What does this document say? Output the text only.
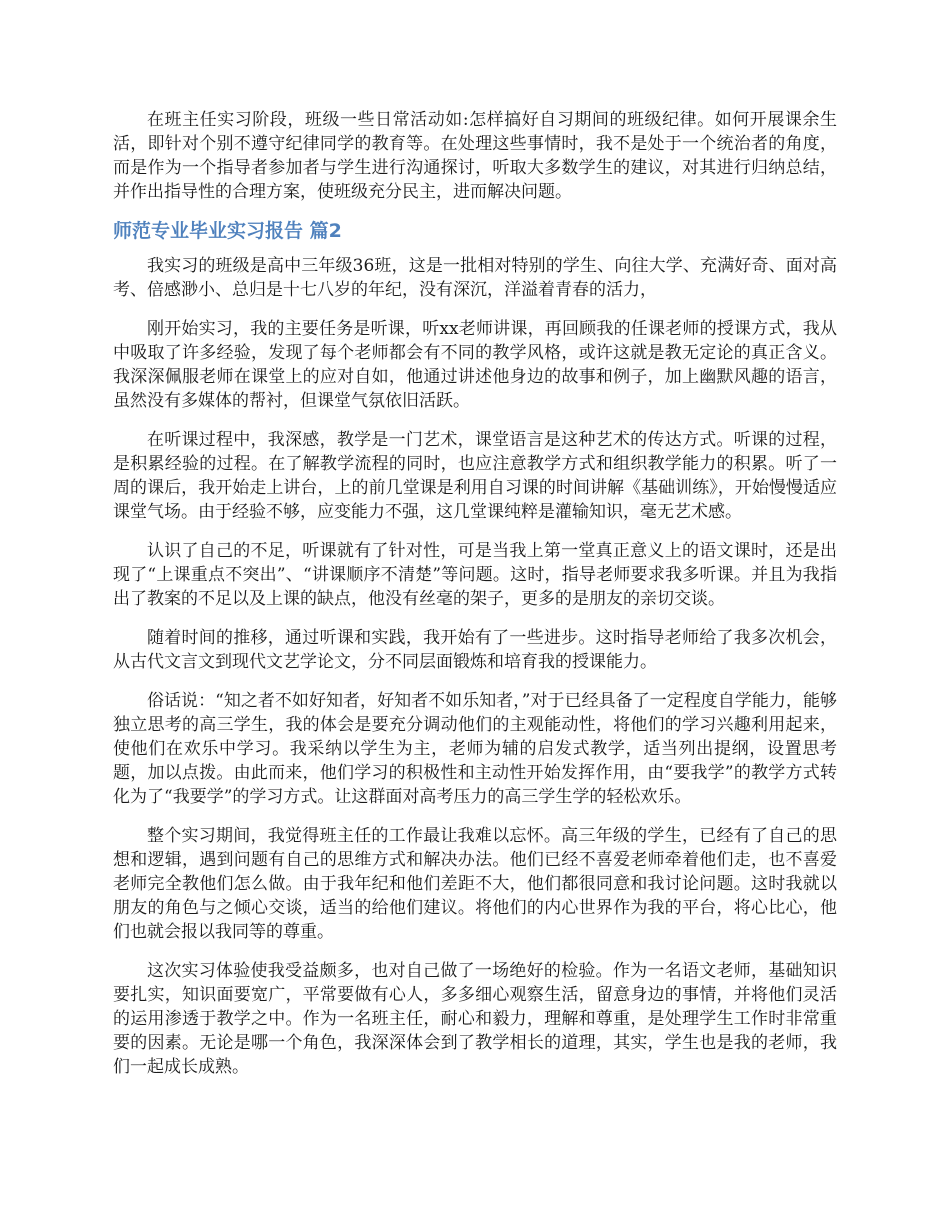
在班主任实习阶段，班级一些日常活动如:怎样搞好自习期间的班级纪律。如何开展课余生活，即针对个别不遵守纪律同学的教育等。在处理这些事情时，我不是处于一个统治者的角度，而是作为一个指导者参加者与学生进行沟通探讨，听取大多数学生的建议，对其进行归纳总结，并作出指导性的合理方案，使班级充分民主，进而解决问题。

师范专业毕业实习报告 篇2

我实习的班级是高中三年级36班，这是一批相对特别的学生、向往大学、充满好奇、面对高考、倍感渺小、总归是十七八岁的年纪，没有深沉，洋溢着青春的活力，

刚开始实习，我的主要任务是听课，听xx老师讲课，再回顾我的任课老师的授课方式，我从中吸取了许多经验，发现了每个老师都会有不同的教学风格，或许这就是教无定论的真正含义。我深深佩服老师在课堂上的应对自如，他通过讲述他身边的故事和例子，加上幽默风趣的语言，虽然没有多媒体的帮衬，但课堂气氛依旧活跃。

在听课过程中，我深感，教学是一门艺术，课堂语言是这种艺术的传达方式。听课的过程，是积累经验的过程。在了解教学流程的同时，也应注意教学方式和组织教学能力的积累。听了一周的课后，我开始走上讲台，上的前几堂课是利用自习课的时间讲解《基础训练》，开始慢慢适应课堂气场。由于经验不够，应变能力不强，这几堂课纯粹是灌输知识，毫无艺术感。

认识了自己的不足，听课就有了针对性，可是当我上第一堂真正意义上的语文课时，还是出现了“上课重点不突出”、“讲课顺序不清楚”等问题。这时，指导老师要求我多听课。并且为我指出了教案的不足以及上课的缺点，他没有丝毫的架子，更多的是朋友的亲切交谈。

随着时间的推移，通过听课和实践，我开始有了一些进步。这时指导老师给了我多次机会，从古代文言文到现代文艺学论文，分不同层面锻炼和培育我的授课能力。

俗话说：“知之者不如好知者，好知者不如乐知者，”对于已经具备了一定程度自学能力，能够独立思考的高三学生，我的体会是要充分调动他们的主观能动性，将他们的学习兴趣利用起来，使他们在欢乐中学习。我采纳以学生为主，老师为辅的启发式教学，适当列出提纲，设置思考题，加以点拨。由此而来，他们学习的积极性和主动性开始发挥作用，由“要我学”的教学方式转化为了“我要学”的学习方式。让这群面对高考压力的高三学生学的轻松欢乐。

整个实习期间，我觉得班主任的工作最让我难以忘怀。高三年级的学生，已经有了自己的思想和逻辑，遇到问题有自己的思维方式和解决办法。他们已经不喜爱老师牵着他们走，也不喜爱老师完全教他们怎么做。由于我年纪和他们差距不大，他们都很同意和我讨论问题。这时我就以朋友的角色与之倾心交谈，适当的给他们建议。将他们的内心世界作为我的平台，将心比心，他们也就会报以我同等的尊重。

这次实习体验使我受益颇多，也对自己做了一场绝好的检验。作为一名语文老师，基础知识要扎实，知识面要宽广，平常要做有心人，多多细心观察生活，留意身边的事情，并将他们灵活的运用渗透于教学之中。作为一名班主任，耐心和毅力，理解和尊重，是处理学生工作时非常重要的因素。无论是哪一个角色，我深深体会到了教学相长的道理，其实，学生也是我的老师，我们一起成长成熟。
